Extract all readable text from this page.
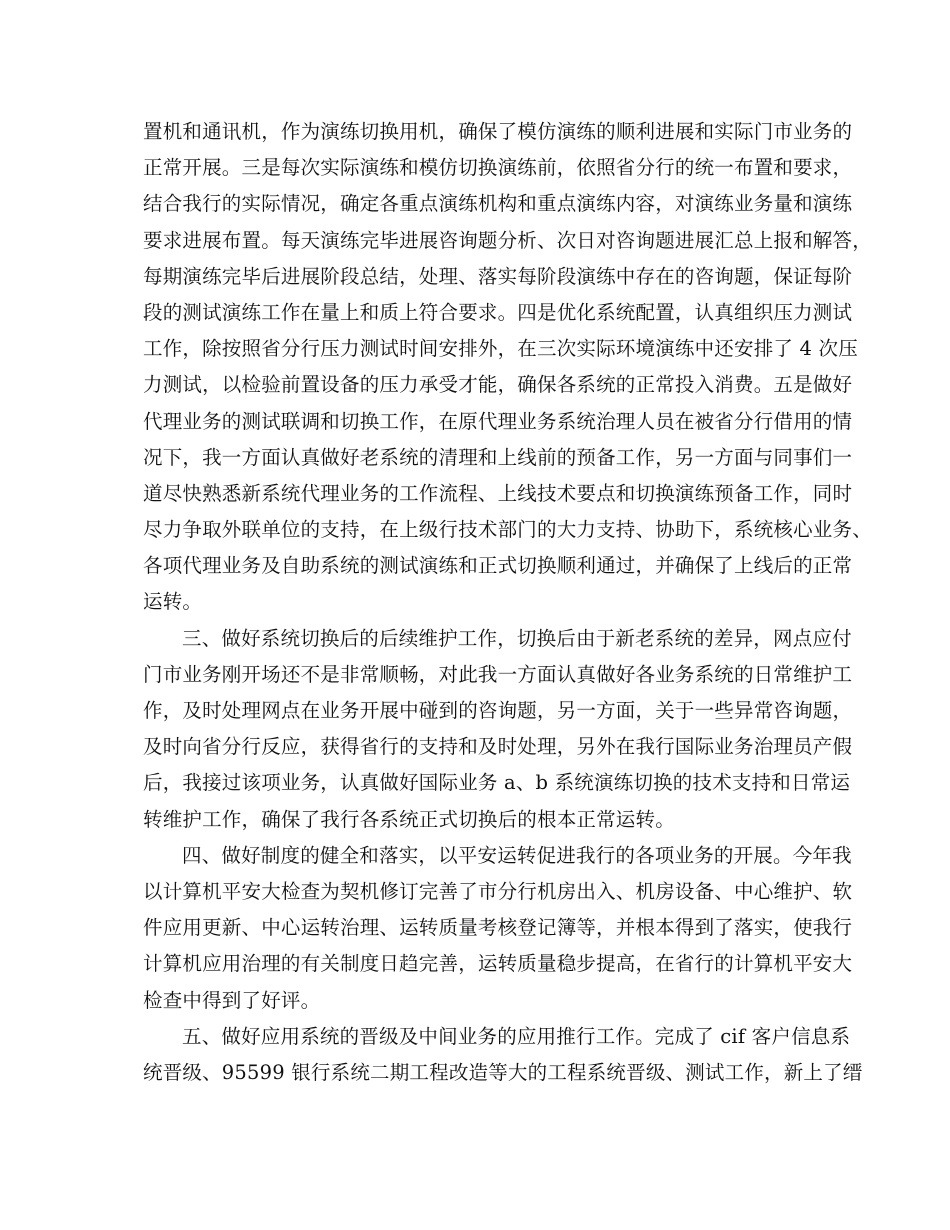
置机和通讯机，作为演练切换用机，确保了模仿演练的顺利进展和实际门市业务的
正常开展。三是每次实际演练和模仿切换演练前，依照省分行的统一布置和要求，
结合我行的实际情况，确定各重点演练机构和重点演练内容，对演练业务量和演练
要求进展布置。每天演练完毕进展咨询题分析、次日对咨询题进展汇总上报和解答，
每期演练完毕后进展阶段总结，处理、落实每阶段演练中存在的咨询题，保证每阶
段的测试演练工作在量上和质上符合要求。四是优化系统配置，认真组织压力测试
工作，除按照省分行压力测试时间安排外，在三次实际环境演练中还安排了 4 次压
力测试，以检验前置设备的压力承受才能，确保各系统的正常投入消费。五是做好
代理业务的测试联调和切换工作，在原代理业务系统治理人员在被省分行借用的情
况下，我一方面认真做好老系统的清理和上线前的预备工作，另一方面与同事们一
道尽快熟悉新系统代理业务的工作流程、上线技术要点和切换演练预备工作，同时
尽力争取外联单位的支持，在上级行技术部门的大力支持、协助下，系统核心业务、
各项代理业务及自助系统的测试演练和正式切换顺利通过，并确保了上线后的正常
运转。
三、做好系统切换后的后续维护工作，切换后由于新老系统的差异，网点应付
门市业务刚开场还不是非常顺畅，对此我一方面认真做好各业务系统的日常维护工
作，及时处理网点在业务开展中碰到的咨询题，另一方面，关于一些异常咨询题，
及时向省分行反应，获得省行的支持和及时处理，另外在我行国际业务治理员产假
后，我接过该项业务，认真做好国际业务 a、b 系统演练切换的技术支持和日常运
转维护工作，确保了我行各系统正式切换后的根本正常运转。
四、做好制度的健全和落实，以平安运转促进我行的各项业务的开展。今年我
以计算机平安大检查为契机修订完善了市分行机房出入、机房设备、中心维护、软
件应用更新、中心运转治理、运转质量考核登记簿等，并根本得到了落实，使我行
计算机应用治理的有关制度日趋完善，运转质量稳步提高，在省行的计算机平安大
检查中得到了好评。
五、做好应用系统的晋级及中间业务的应用推行工作。完成了 cif 客户信息系
统晋级、95599 银行系统二期工程改造等大的工程系统晋级、测试工作，新上了缙
